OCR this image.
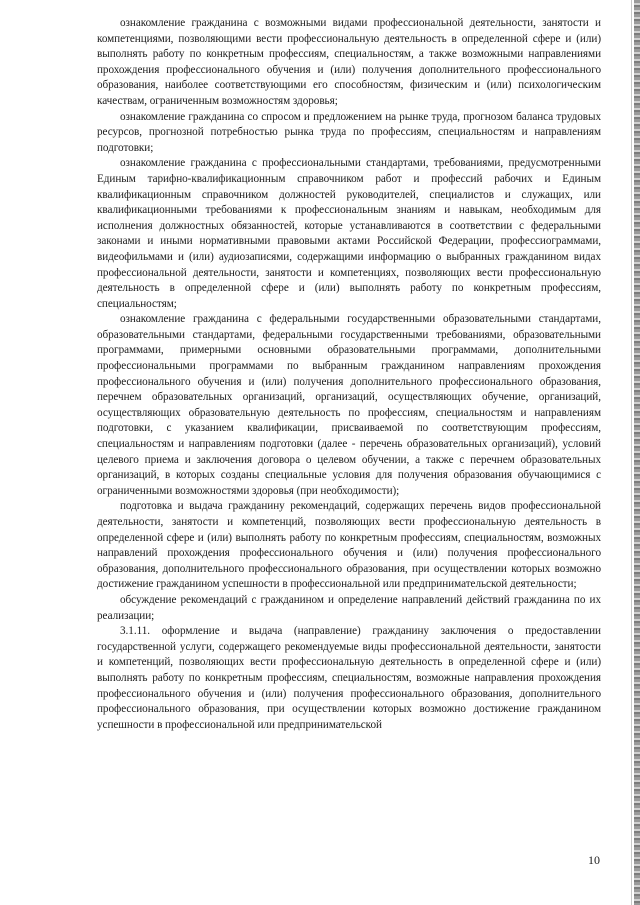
ознакомление гражданина с возможными видами профессиональной деятельности, занятости и компетенциями, позволяющими вести профессиональную деятельность в определенной сфере и (или) выполнять работу по конкретным профессиям, специальностям, а также возможными направлениями прохождения профессионального обучения и (или) получения дополнительного профессионального образования, наиболее соответствующими его способностям, физическим и (или) психологическим качествам, ограниченным возможностям здоровья;

ознакомление гражданина со спросом и предложением на рынке труда, прогнозом баланса трудовых ресурсов, прогнозной потребностью рынка труда по профессиям, специальностям и направлениям подготовки;

ознакомление гражданина с профессиональными стандартами, требованиями, предусмотренными Единым тарифно-квалификационным справочником работ и профессий рабочих и Единым квалификационным справочником должностей руководителей, специалистов и служащих, или квалификационными требованиями к профессиональным знаниям и навыкам, необходимым для исполнения должностных обязанностей, которые устанавливаются в соответствии с федеральными законами и иными нормативными правовыми актами Российской Федерации, профессиограммами, видеофильмами и (или) аудиозаписями, содержащими информацию о выбранных гражданином видах профессиональной деятельности, занятости и компетенциях, позволяющих вести профессиональную деятельность в определенной сфере и (или) выполнять работу по конкретным профессиям, специальностям;

ознакомление гражданина с федеральными государственными образовательными стандартами, образовательными стандартами, федеральными государственными требованиями, образовательными программами, примерными основными образовательными программами, дополнительными профессиональными программами по выбранным гражданином направлениям прохождения профессионального обучения и (или) получения дополнительного профессионального образования, перечнем образовательных организаций, организаций, осуществляющих обучение, организаций, осуществляющих образовательную деятельность по профессиям, специальностям и направлениям подготовки, с указанием квалификации, присваиваемой по соответствующим профессиям, специальностям и направлениям подготовки (далее - перечень образовательных организаций), условий целевого приема и заключения договора о целевом обучении, а также с перечнем образовательных организаций, в которых созданы специальные условия для получения образования обучающимися с ограниченными возможностями здоровья (при необходимости);

подготовка и выдача гражданину рекомендаций, содержащих перечень видов профессиональной деятельности, занятости и компетенций, позволяющих вести профессиональную деятельность в определенной сфере и (или) выполнять работу по конкретным профессиям, специальностям, возможных направлений прохождения профессионального обучения и (или) получения профессионального образования, дополнительного профессионального образования, при осуществлении которых возможно достижение гражданином успешности в профессиональной или предпринимательской деятельности;

обсуждение рекомендаций с гражданином и определение направлений действий гражданина по их реализации;

3.1.11. оформление и выдача (направление) гражданину заключения о предоставлении государственной услуги, содержащего рекомендуемые виды профессиональной деятельности, занятости и компетенций, позволяющих вести профессиональную деятельность в определенной сфере и (или) выполнять работу по конкретным профессиям, специальностям, возможные направления прохождения профессионального обучения и (или) получения профессионального образования, дополнительного профессионального образования, при осуществлении которых возможно достижение гражданином успешности в профессиональной или предпринимательской

10
